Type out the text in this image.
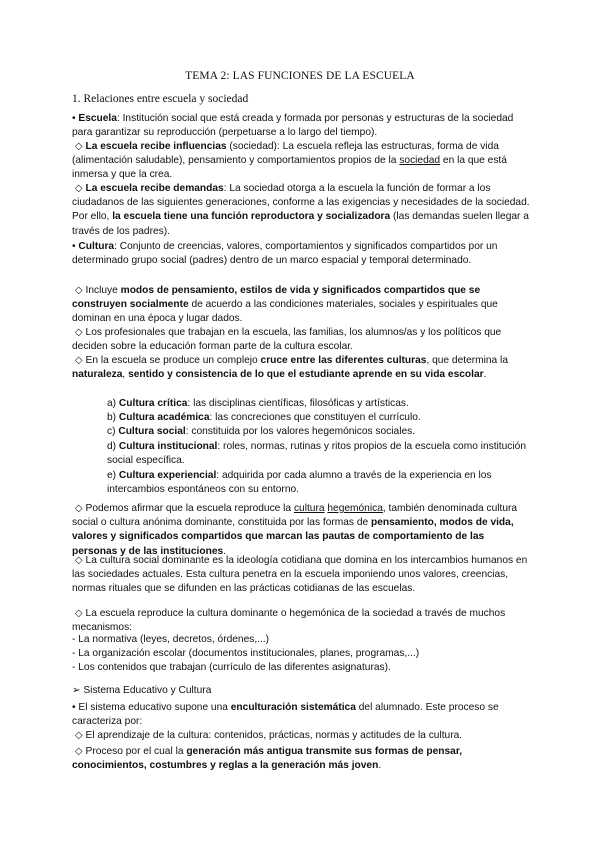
TEMA 2: LAS FUNCIONES DE LA ESCUELA
1. Relaciones entre escuela y sociedad

• Escuela: Institución social que está creada y formada por personas y estructuras de la sociedad para garantizar su reproducción (perpetuarse a lo largo del tiempo).

◇ La escuela recibe influencias (sociedad): La escuela refleja las estructuras, forma de vida (alimentación saludable), pensamiento y comportamientos propios de la sociedad en la que está inmersa y que la crea.

◇ La escuela recibe demandas: La sociedad otorga a la escuela la función de formar a los ciudadanos de las siguientes generaciones, conforme a las exigencias y necesidades de la sociedad. Por ello, la escuela tiene una función reproductora y socializadora (las demandas suelen llegar a través de los padres).

• Cultura: Conjunto de creencias, valores, comportamientos y significados compartidos por un determinado grupo social (padres) dentro de un marco espacial y temporal determinado.

◇ Incluye modos de pensamiento, estilos de vida y significados compartidos que se construyen socialmente de acuerdo a las condiciones materiales, sociales y espirituales que dominan en una época y lugar dados.

◇ Los profesionales que trabajan en la escuela, las familias, los alumnos/as y los políticos que deciden sobre la educación forman parte de la cultura escolar.

◇ En la escuela se produce un complejo cruce entre las diferentes culturas, que determina la naturaleza, sentido y consistencia de lo que el estudiante aprende en su vida escolar.

a) Cultura crítica: las disciplinas científicas, filosóficas y artísticas.

b) Cultura académica: las concreciones que constituyen el currículo.

c) Cultura social: constituida por los valores hegemónicos sociales.

d) Cultura institucional: roles, normas, rutinas y ritos propios de la escuela como institución social específica.

e) Cultura experiencial: adquirida por cada alumno a través de la experiencia en los intercambios espontáneos con su entorno.

◇ Podemos afirmar que la escuela reproduce la cultura hegemónica, también denominada cultura social o cultura anónima dominante, constituida por las formas de pensamiento, modos de vida, valores y significados compartidos que marcan las pautas de comportamiento de las personas y de las instituciones.

◇ La cultura social dominante es la ideología cotidiana que domina en los intercambios humanos en las sociedades actuales. Esta cultura penetra en la escuela imponiendo unos valores, creencias, normas rituales que se difunden en las prácticas cotidianas de las escuelas.

◇ La escuela reproduce la cultura dominante o hegemónica de la sociedad a través de muchos mecanismos:

- La normativa (leyes, decretos, órdenes,...)

- La organización escolar (documentos institucionales, planes, programas,...)

- Los contenidos que trabajan (currículo de las diferentes asignaturas).

➢ Sistema Educativo y Cultura

• El sistema educativo supone una enculturación sistemática del alumnado. Este proceso se caracteriza por:

◇ El aprendizaje de la cultura: contenidos, prácticas, normas y actitudes de la cultura.

◇ Proceso por el cual la generación más antigua transmite sus formas de pensar, conocimientos, costumbres y reglas a la generación más joven.
